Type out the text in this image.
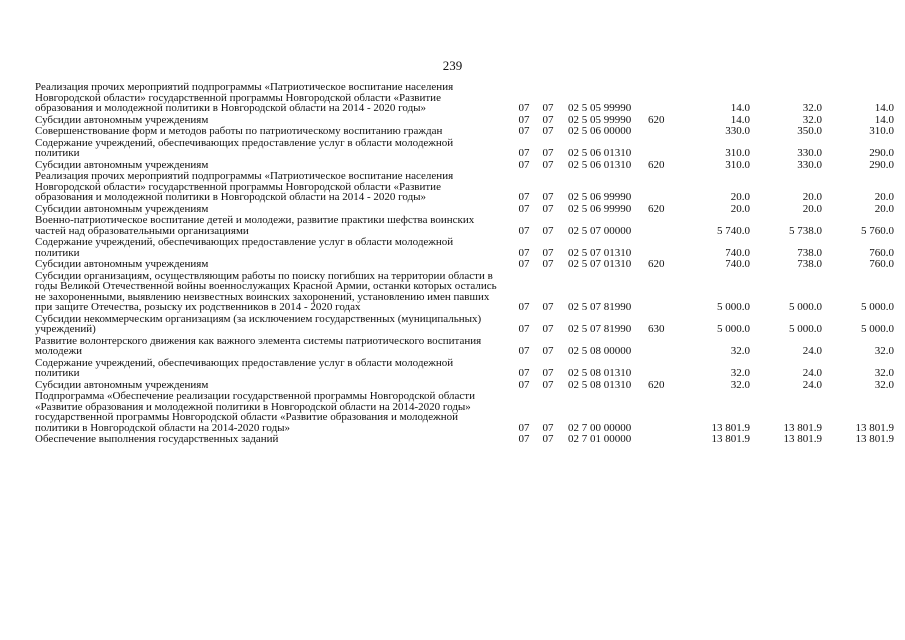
239
Реализация прочих мероприятий подпрограммы «Патриотическое воспитание населения Новгородской области» государственной программы Новгородской области «Развитие образования и молодежной политики в Новгородской области на 2014 - 2020 годы»	07	07	02 5 05 99990		14.0	32.0	14.0
Субсидии автономным учреждениям	07	07	02 5 05 99990	620	14.0	32.0	14.0
Совершенствование форм и методов работы по патриотическому воспитанию граждан	07	07	02 5 06 00000		330.0	350.0	310.0
Содержание учреждений, обеспечивающих предоставление услуг в области молодежной политики	07	07	02 5 06 01310		310.0	330.0	290.0
Субсидии автономным учреждениям	07	07	02 5 06 01310	620	310.0	330.0	290.0
Реализация прочих мероприятий подпрограммы «Патриотическое воспитание населения Новгородской области» государственной программы Новгородской области «Развитие образования и молодежной политики в Новгородской области на 2014 - 2020 годы»	07	07	02 5 06 99990		20.0	20.0	20.0
Субсидии автономным учреждениям	07	07	02 5 06 99990	620	20.0	20.0	20.0
Военно-патриотическое воспитание детей и молодежи, развитие практики шефства воинских частей над образовательными организациями	07	07	02 5 07 00000		5 740.0	5 738.0	5 760.0
Содержание учреждений, обеспечивающих предоставление услуг в области молодежной политики	07	07	02 5 07 01310		740.0	738.0	760.0
Субсидии автономным учреждениям	07	07	02 5 07 01310	620	740.0	738.0	760.0
Субсидии организациям, осуществляющим работы по поиску погибших на территории области в годы Великой Отечественной войны военнослужащих Красной Армии, останки которых остались не захороненными, выявлению неизвестных воинских захоронений, установлению имен павших при защите Отечества, розыску их родственников в 2014 - 2020 годах	07	07	02 5 07 81990		5 000.0	5 000.0	5 000.0
Субсидии некоммерческим организациям (за исключением государственных (муниципальных) учреждений)	07	07	02 5 07 81990	630	5 000.0	5 000.0	5 000.0
Развитие волонтерского движения как важного элемента системы патриотического воспитания молодежи	07	07	02 5 08 00000		32.0	24.0	32.0
Содержание учреждений, обеспечивающих предоставление услуг в области молодежной политики	07	07	02 5 08 01310		32.0	24.0	32.0
Субсидии автономным учреждениям	07	07	02 5 08 01310	620	32.0	24.0	32.0
Подпрограмма «Обеспечение реализации государственной программы Новгородской области «Развитие образования и молодежной политики в Новгородской области на 2014-2020 годы» государственной программы Новгородской области «Развитие образования и молодежной политики в Новгородской области на 2014-2020 годы»	07	07	02 7 00 00000		13 801.9	13 801.9	13 801.9
Обеспечение выполнения государственных заданий	07	07	02 7 01 00000		13 801.9	13 801.9	13 801.9
